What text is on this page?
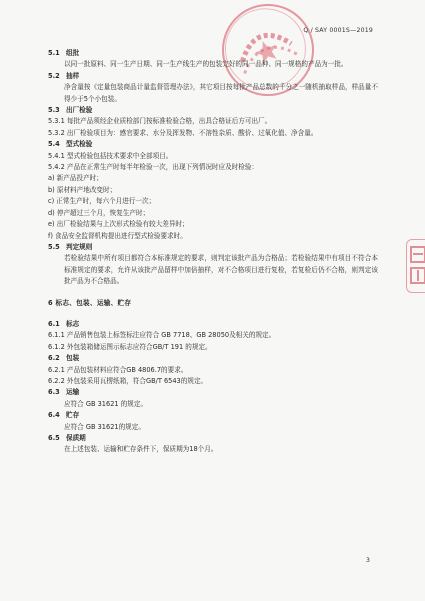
Q / SAY 0001S—2019
5.1 组批
以同一批原料、同一生产日期、同一生产线生产的包装完好的同一品种、同一规格的产品为一批。
5.2 抽样
净含量按《定量包装商品计量监督管理办法》，其它项目按每批产品总数的千分之一随机抽取样品，样品量不得少于5个小包装。
5.3 出厂检验
5.3.1 每批产品须经企业质检部门按标准检验合格，出具合格证后方可出厂。
5.3.2 出厂检验项目为：感官要求、水分及挥发物、不溶性杂质、酸价、过氧化值、净含量。
5.4 型式检验
5.4.1 型式检验包括技术要求中全部项目。
5.4.2 产品在正常生产时每半年检验一次，出现下列情况时应及时检验：
a) 新产品投产时；
b) 原材料产地改变时；
c) 正常生产时，每六个月进行一次；
d) 停产超过三个月，恢复生产时；
e) 出厂检验结果与上次形式检验有较大差异时；
f) 食品安全监督机构提出进行型式检验要求时。
5.5 判定规则
若检验结果中所有项目都符合本标准规定的要求，则判定该批产品为合格品；若检验结果中有项目不符合本标准规定的要求，允许从该批产品留样中加倍抽样，对不合格项目进行复检，若复检后仍不合格，则判定该批产品为不合格品。
6 标志、包装、运输、贮存
6.1 标志
6.1.1 产品销售包装上标签标注应符合 GB 7718、GB 28050及相关的规定。
6.1.2 外包装箱储运图示标志应符合GB/T 191 的规定。
6.2 包装
6.2.1 产品包装材料应符合GB 4806.7的要求。
6.2.2 外包装采用瓦楞纸箱，符合GB/T 6543的规定。
6.3 运输
应符合 GB 31621 的规定。
6.4 贮存
应符合 GB 31621的规定。
6.5 保质期
在上述包装、运输和贮存条件下，保质期为18个月。
3
